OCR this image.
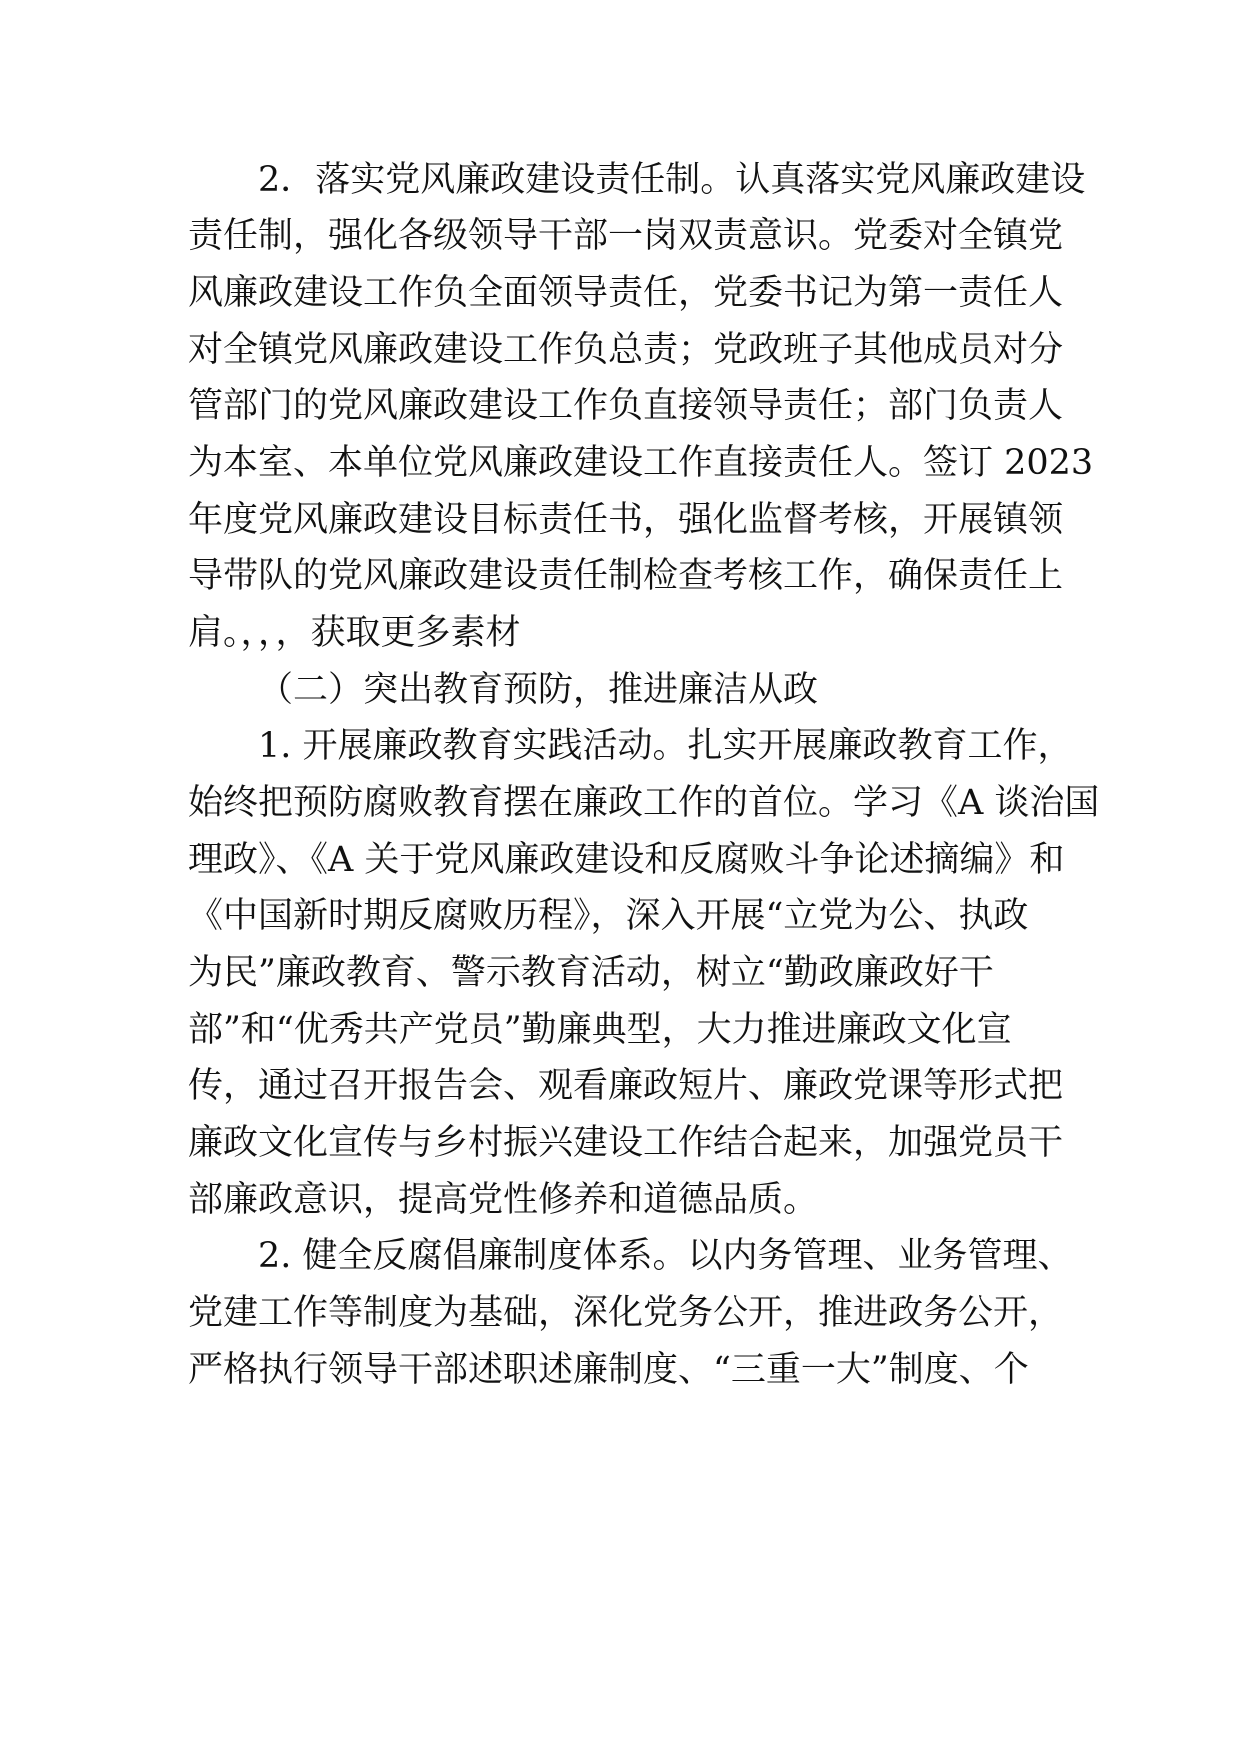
2．落实党风廉政建设责任制。认真落实党风廉政建设
责任制，强化各级领导干部一岗双责意识。党委对全镇党
风廉政建设工作负全面领导责任，党委书记为第一责任人
对全镇党风廉政建设工作负总责；党政班子其他成员对分
管部门的党风廉政建设工作负直接领导责任；部门负责人
为本室、本单位党风廉政建设工作直接责任人。签订 2023
年度党风廉政建设目标责任书，强化监督考核，开展镇领
导带队的党风廉政建设责任制检查考核工作，确保责任上
肩。，，，获取更多素材
（二）突出教育预防，推进廉洁从政
1. 开展廉政教育实践活动。扎实开展廉政教育工作，
始终把预防腐败教育摆在廉政工作的首位。学习《A 谈治国
理政》、《A 关于党风廉政建设和反腐败斗争论述摘编》和
《中国新时期反腐败历程》，深入开展“立党为公、执政
为民”廉政教育、警示教育活动，树立“勤政廉政好干
部”和“优秀共产党员”勤廉典型，大力推进廉政文化宣
传，通过召开报告会、观看廉政短片、廉政党课等形式把
廉政文化宣传与乡村振兴建设工作结合起来，加强党员干
部廉政意识，提高党性修养和道德品质。
2. 健全反腐倡廉制度体系。以内务管理、业务管理、
党建工作等制度为基础，深化党务公开，推进政务公开，
严格执行领导干部述职述廉制度、“三重一大”制度、个
